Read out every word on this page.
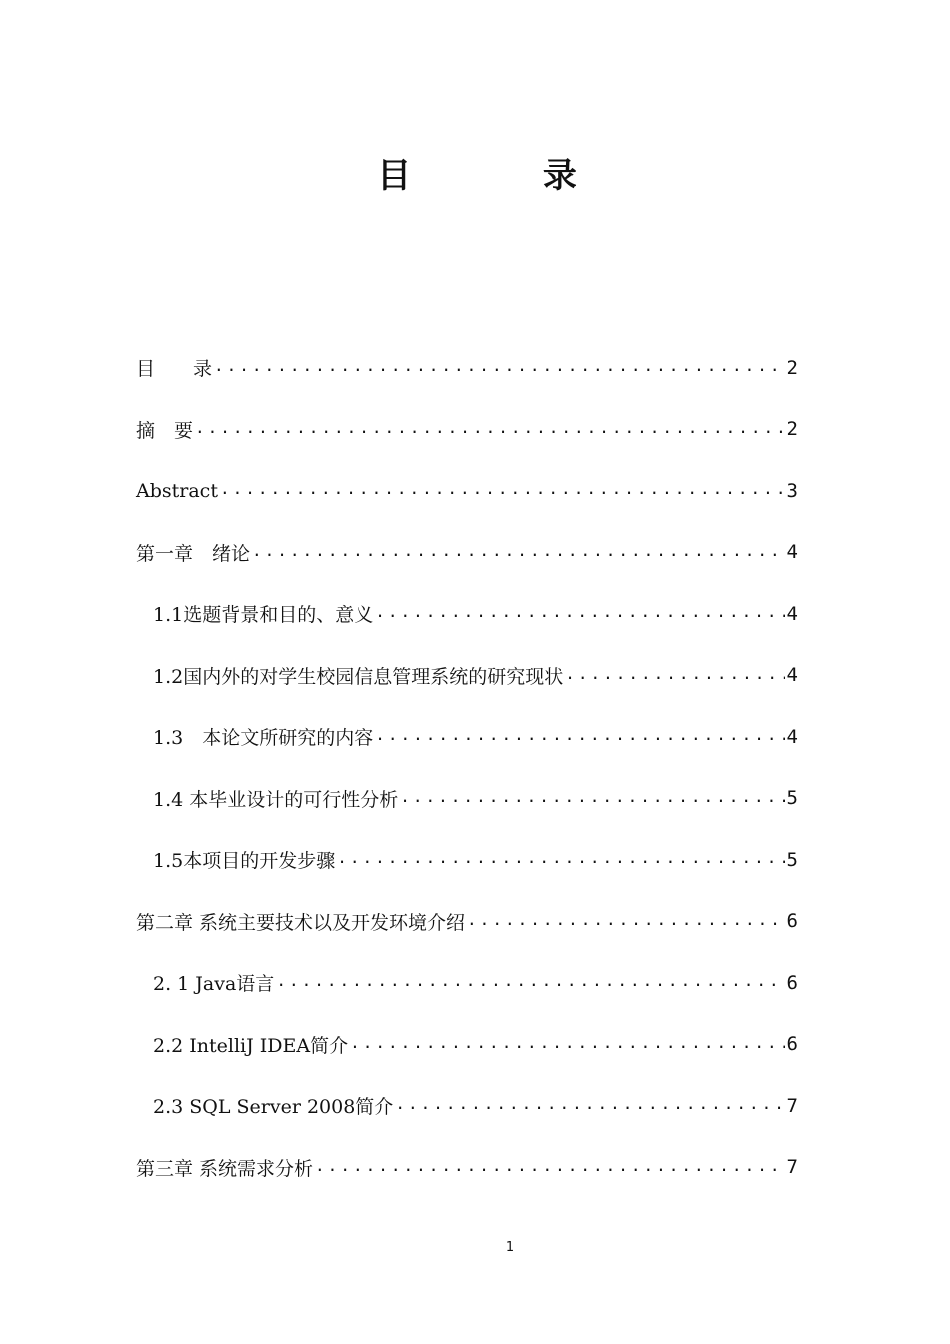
目 录
目　　录 .....	2
摘　要 .....	2
Abstract .....	3
第一章　绪论 .....	4
1.1选题背景和目的、意义 .....	4
1.2国内外的对学生校园信息管理系统的研究现状 .....	4
1.3　本论文所研究的内容 .....	4
1.4 本毕业设计的可行性分析 .....	5
1.5本项目的开发步骤 .....	5
第二章 系统主要技术以及开发环境介绍 .....	6
2. 1 Java语言 .....	6
2.2 IntelliJ IDEA简介 .....	6
2.3 SQL Server 2008简介 .....	7
第三章 系统需求分析 .....	7
1
